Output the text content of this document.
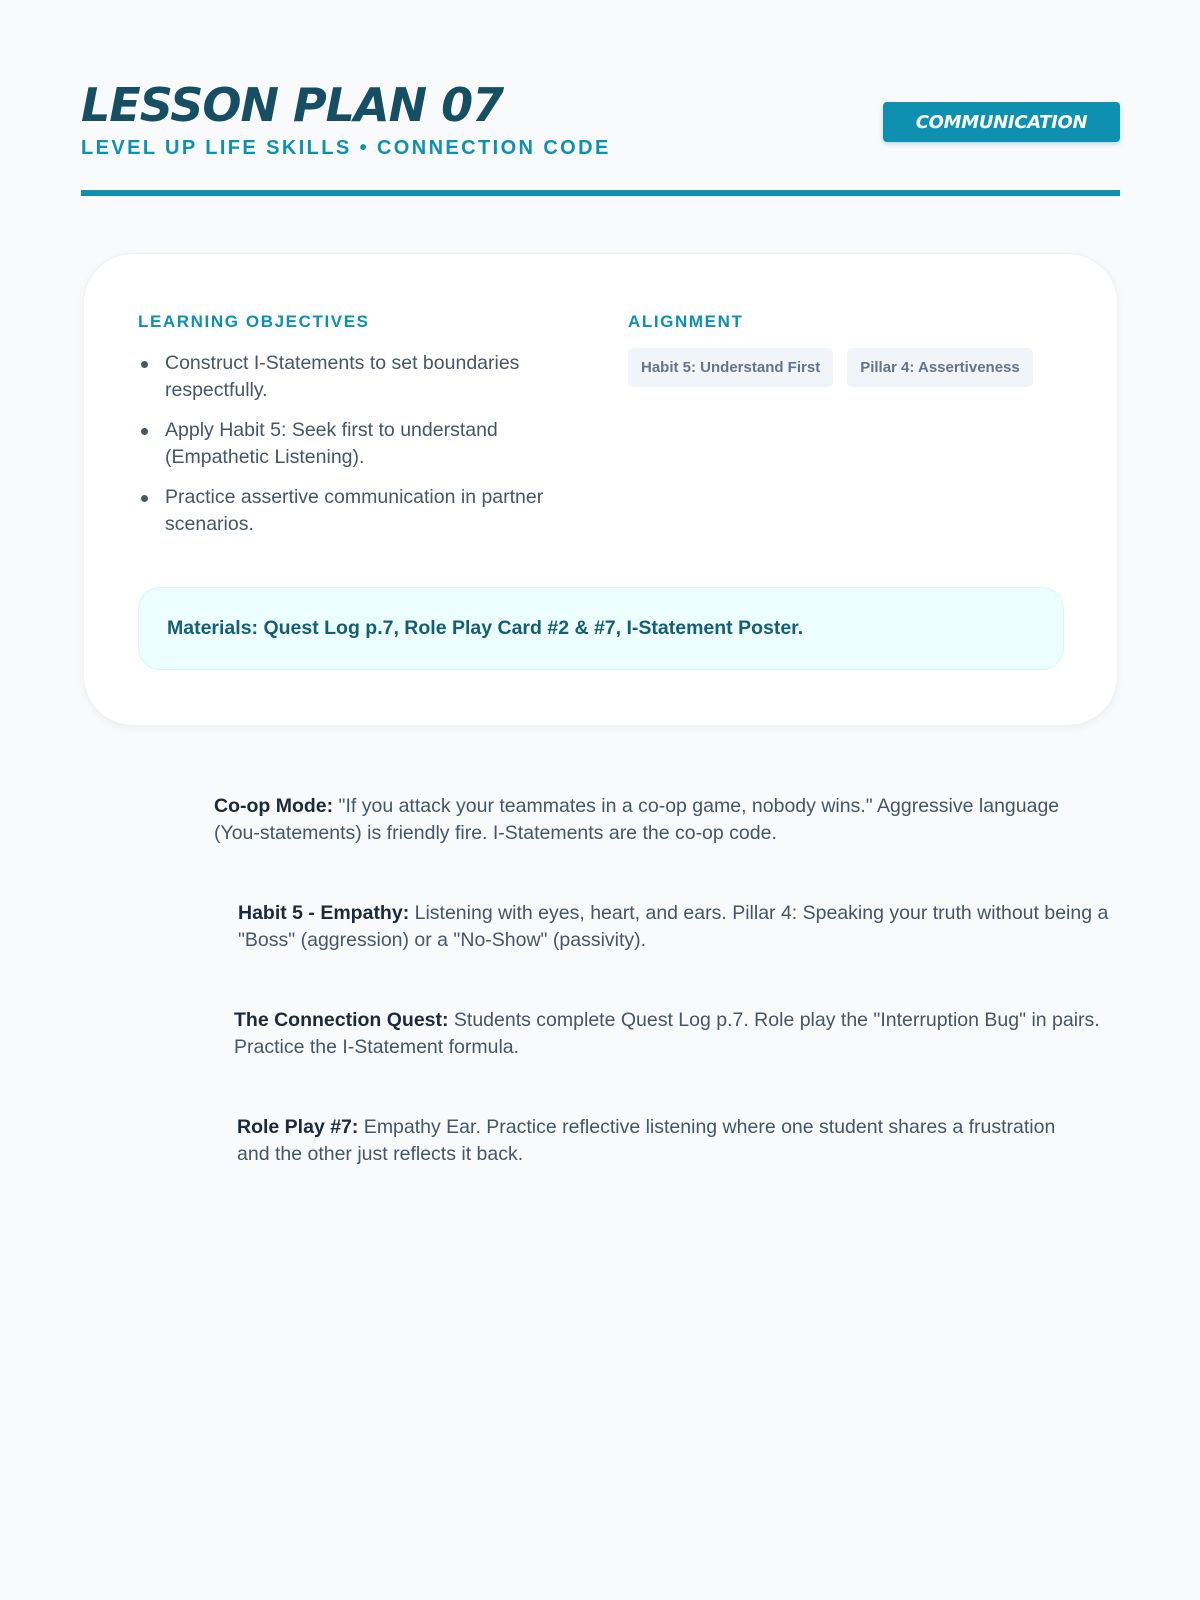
LESSON PLAN 07
LEVEL UP LIFE SKILLS • CONNECTION CODE
COMMUNICATION
LEARNING OBJECTIVES
Construct I-Statements to set boundaries respectfully.
Apply Habit 5: Seek first to understand (Empathetic Listening).
Practice assertive communication in partner scenarios.
ALIGNMENT
Habit 5: Understand First	Pillar 4: Assertiveness
Materials: Quest Log p.7, Role Play Card #2 & #7, I-Statement Poster.
Co-op Mode: "If you attack your teammates in a co-op game, nobody wins." Aggressive language (You-statements) is friendly fire. I-Statements are the co-op code.
Habit 5 - Empathy: Listening with eyes, heart, and ears. Pillar 4: Speaking your truth without being a "Boss" (aggression) or a "No-Show" (passivity).
The Connection Quest: Students complete Quest Log p.7. Role play the "Interruption Bug" in pairs. Practice the I-Statement formula.
Role Play #7: Empathy Ear. Practice reflective listening where one student shares a frustration and the other just reflects it back.
